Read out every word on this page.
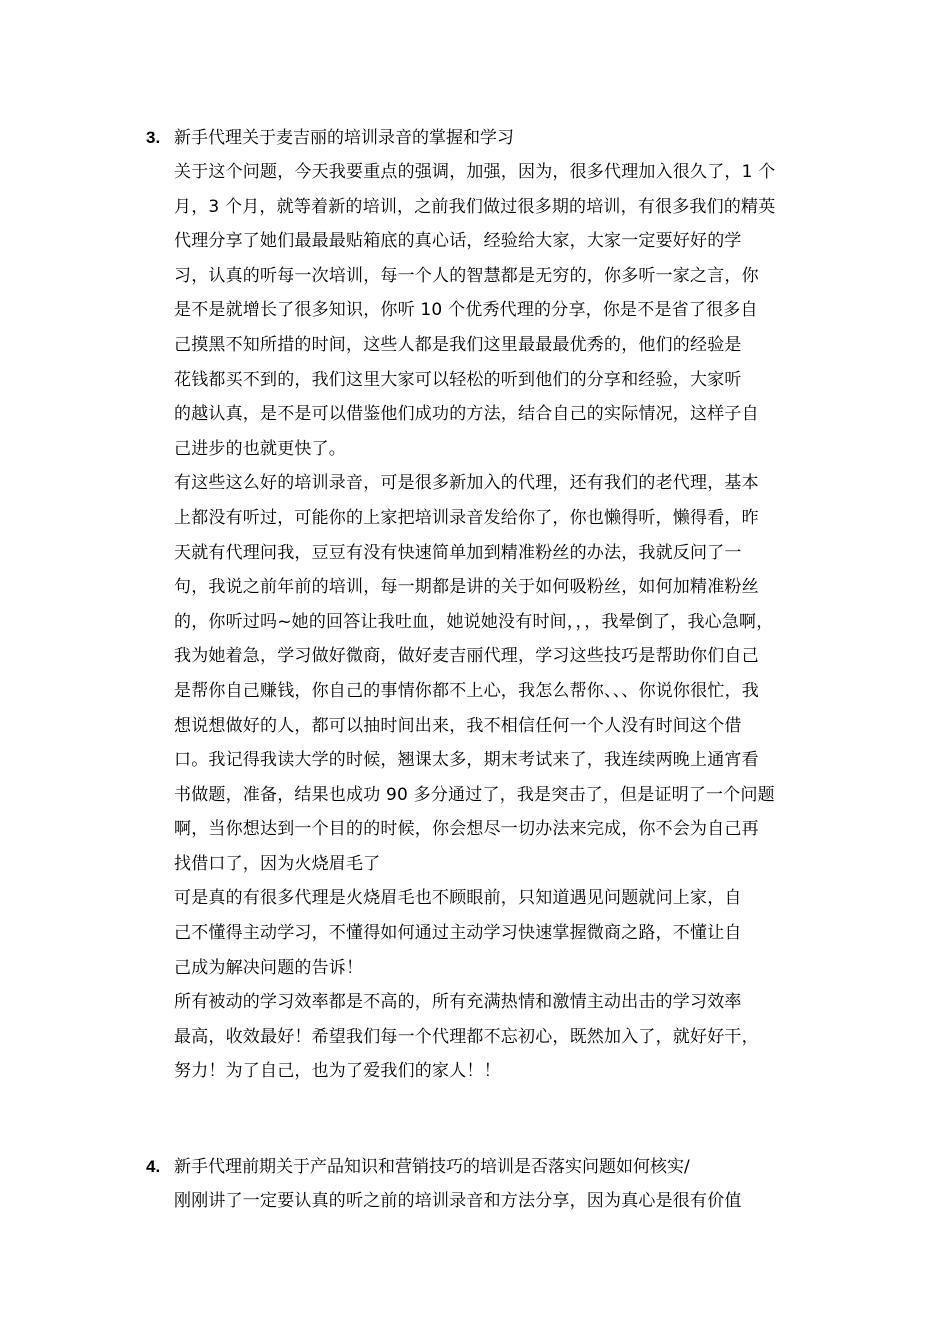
3. 新手代理关于麦吉丽的培训录音的掌握和学习

关于这个问题，今天我要重点的强调，加强，因为，很多代理加入很久了，1 个
月，3 个月，就等着新的培训，之前我们做过很多期的培训，有很多我们的精英
代理分享了她们最最最贴箱底的真心话，经验给大家，大家一定要好好的学
习，认真的听每一次培训，每一个人的智慧都是无穷的，你多听一家之言，你
是不是就增长了很多知识，你听 10 个优秀代理的分享，你是不是省了很多自
己摸黑不知所措的时间，这些人都是我们这里最最最优秀的，他们的经验是
花钱都买不到的，我们这里大家可以轻松的听到他们的分享和经验，大家听
的越认真，是不是可以借鉴他们成功的方法，结合自己的实际情况，这样子自
己进步的也就更快了。

有这些这么好的培训录音，可是很多新加入的代理，还有我们的老代理，基本
上都没有听过，可能你的上家把培训录音发给你了，你也懒得听，懒得看，昨
天就有代理问我，豆豆有没有快速简单加到精准粉丝的办法，我就反问了一
句，我说之前年前的培训，每一期都是讲的关于如何吸粉丝，如何加精准粉丝
的，你听过吗~她的回答让我吐血，她说她没有时间，，，我晕倒了，我心急啊，
我为她着急，学习做好微商，做好麦吉丽代理，学习这些技巧是帮助你们自己
是帮你自己赚钱，你自己的事情你都不上心，我怎么帮你、、、你说你很忙，我
想说想做好的人，都可以抽时间出来，我不相信任何一个人没有时间这个借
口。我记得我读大学的时候，翘课太多，期末考试来了，我连续两晚上通宵看
书做题，准备，结果也成功 90 多分通过了，我是突击了，但是证明了一个问题
啊，当你想达到一个目的的时候，你会想尽一切办法来完成，你不会为自己再
找借口了，因为火烧眉毛了

可是真的有很多代理是火烧眉毛也不顾眼前，只知道遇见问题就问上家，自
己不懂得主动学习，不懂得如何通过主动学习快速掌握微商之路，不懂让自
己成为解决问题的告诉！

所有被动的学习效率都是不高的，所有充满热情和激情主动出击的学习效率
最高，收效最好！希望我们每一个代理都不忘初心，既然加入了，就好好干，
努力！为了自己，也为了爱我们的家人！！

4. 新手代理前期关于产品知识和营销技巧的培训是否落实问题如何核实/

刚刚讲了一定要认真的听之前的培训录音和方法分享，因为真心是很有价值
